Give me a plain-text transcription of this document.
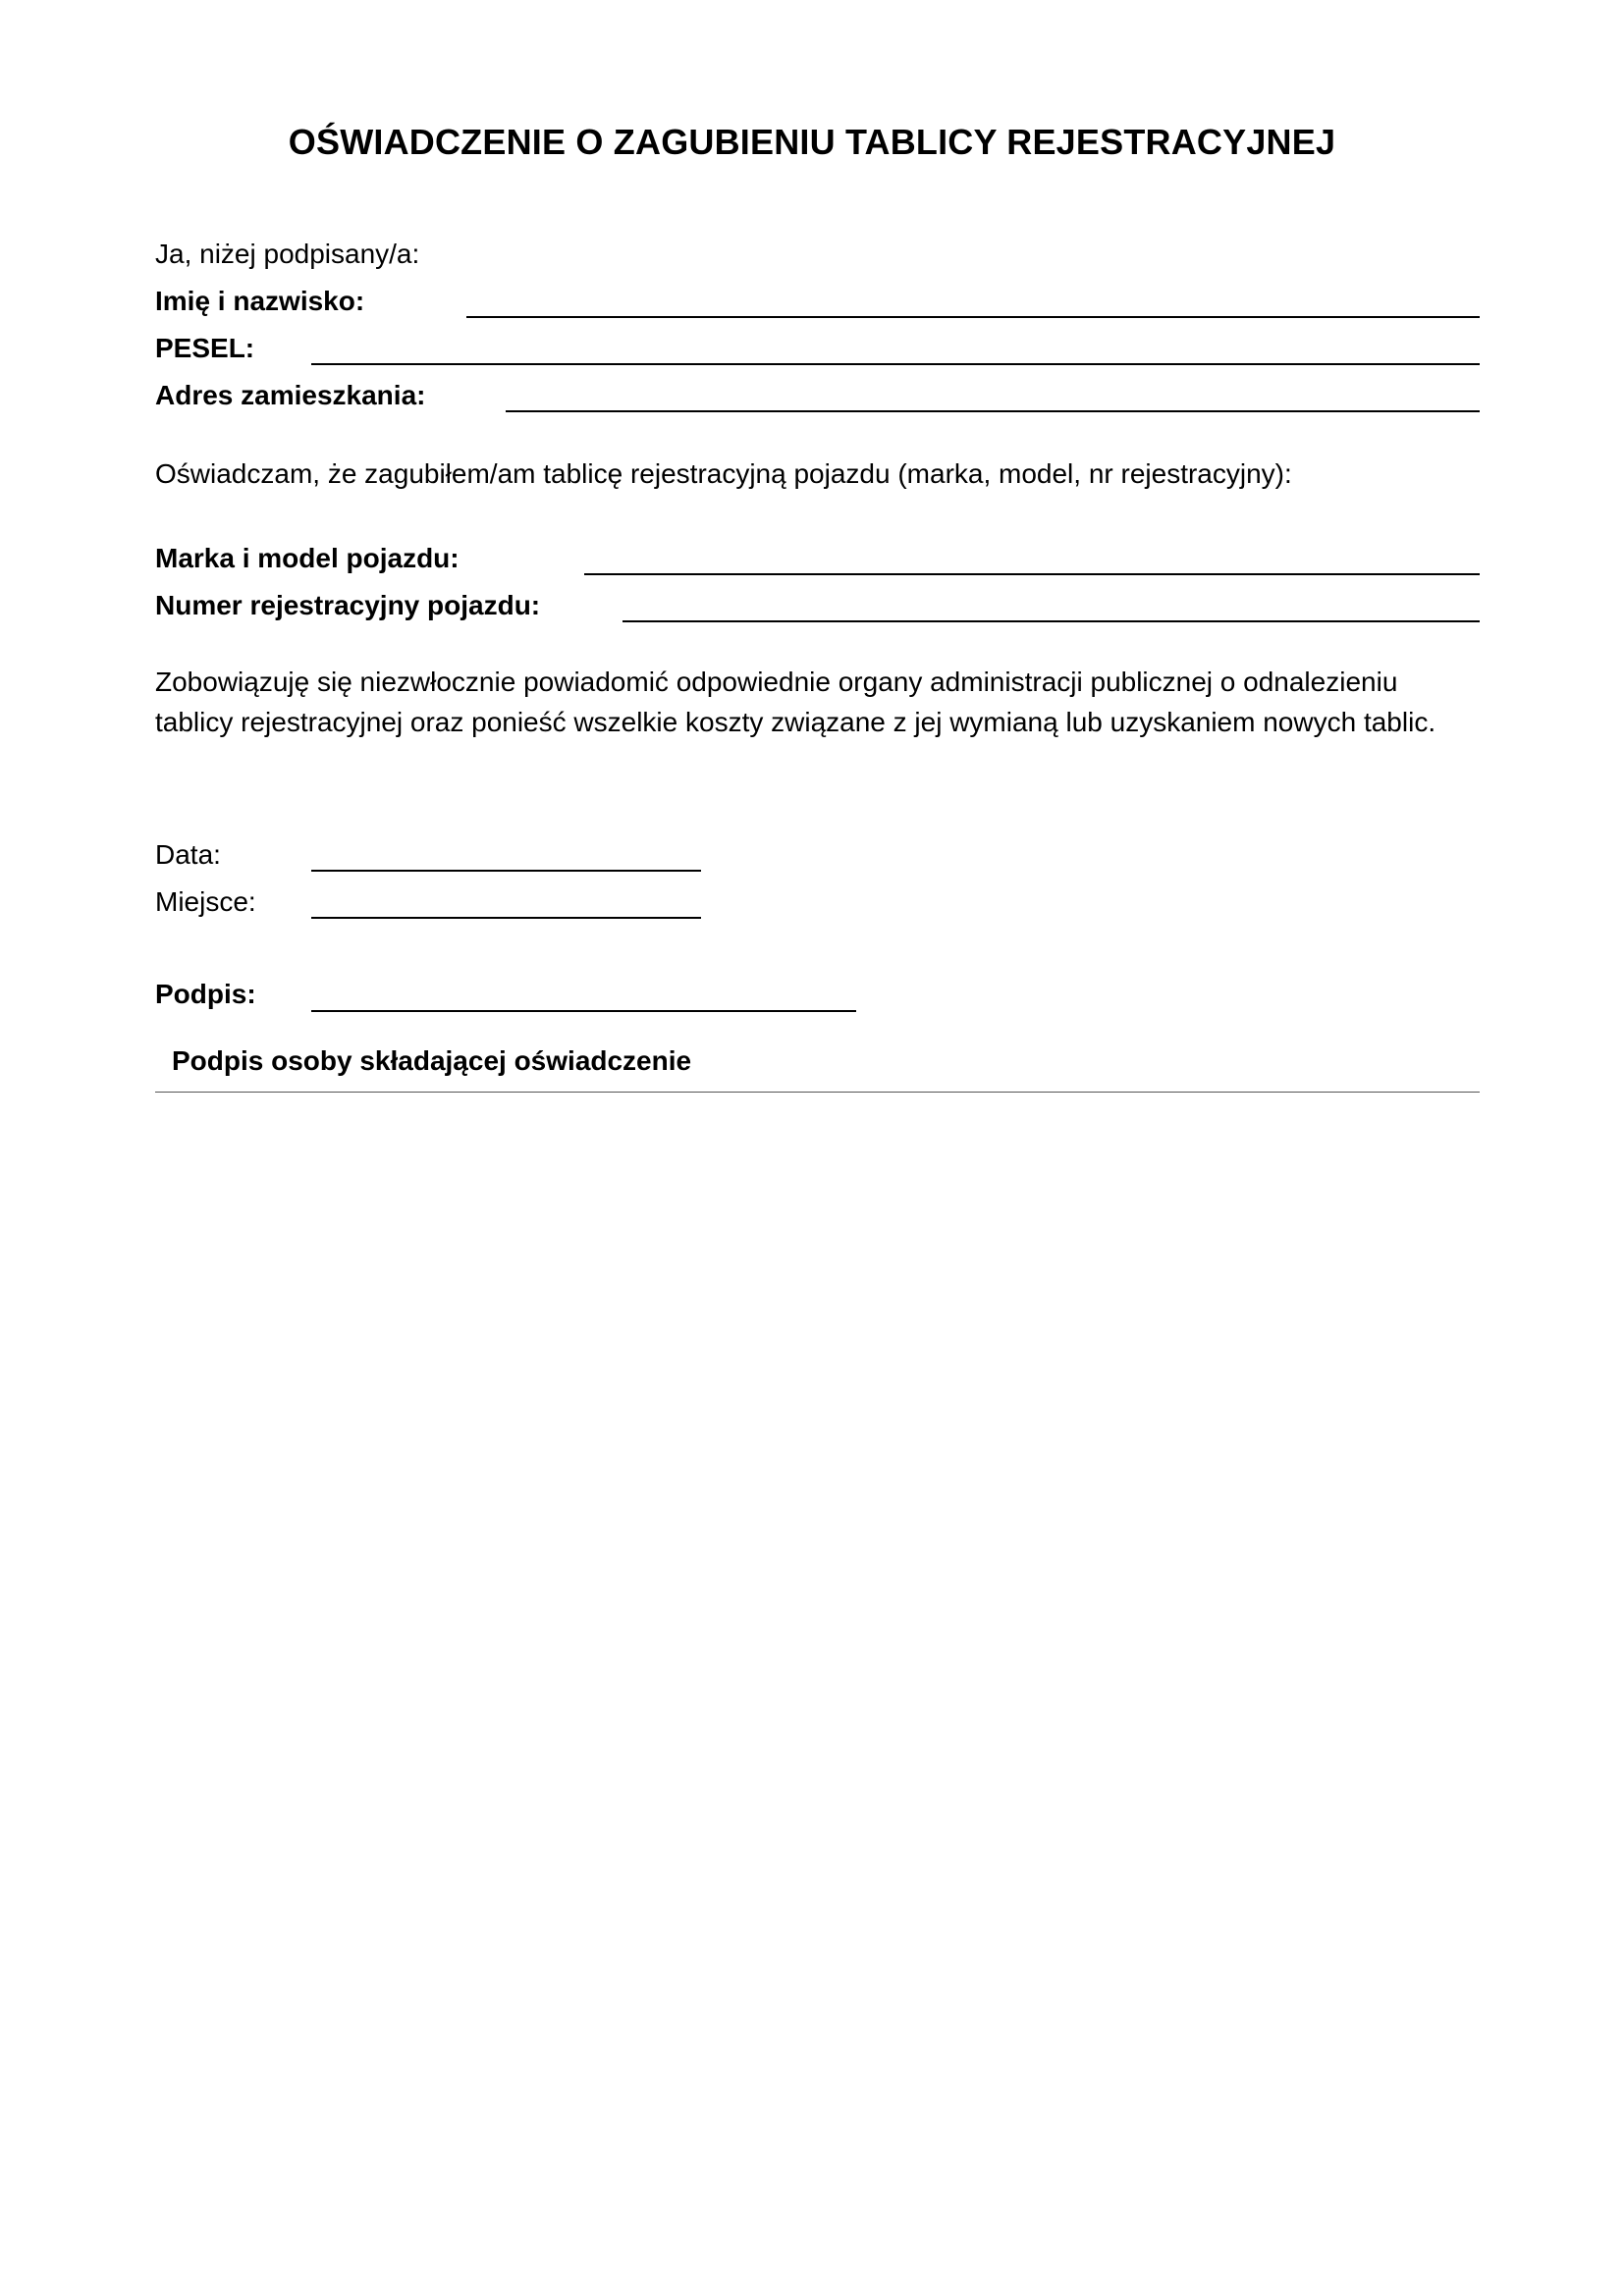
OŚWIADCZENIE O ZAGUBIENIU TABLICY REJESTRACYJNEJ
Ja, niżej podpisany/a:
Imię i nazwisko:
PESEL:
Adres zamieszkania:
Oświadczam, że zagubiłem/am tablicę rejestracyjną pojazdu (marka, model, nr rejestracyjny):
Marka i model pojazdu:
Numer rejestracyjny pojazdu:
Zobowiązuję się niezwłocznie powiadomić odpowiednie organy administracji publicznej o odnalezieniu
tablicy rejestracyjnej oraz ponieść wszelkie koszty związane z jej wymianą lub uzyskaniem nowych tablic.
Data:
Miejsce:
Podpis:
Podpis osoby składającej oświadczenie
